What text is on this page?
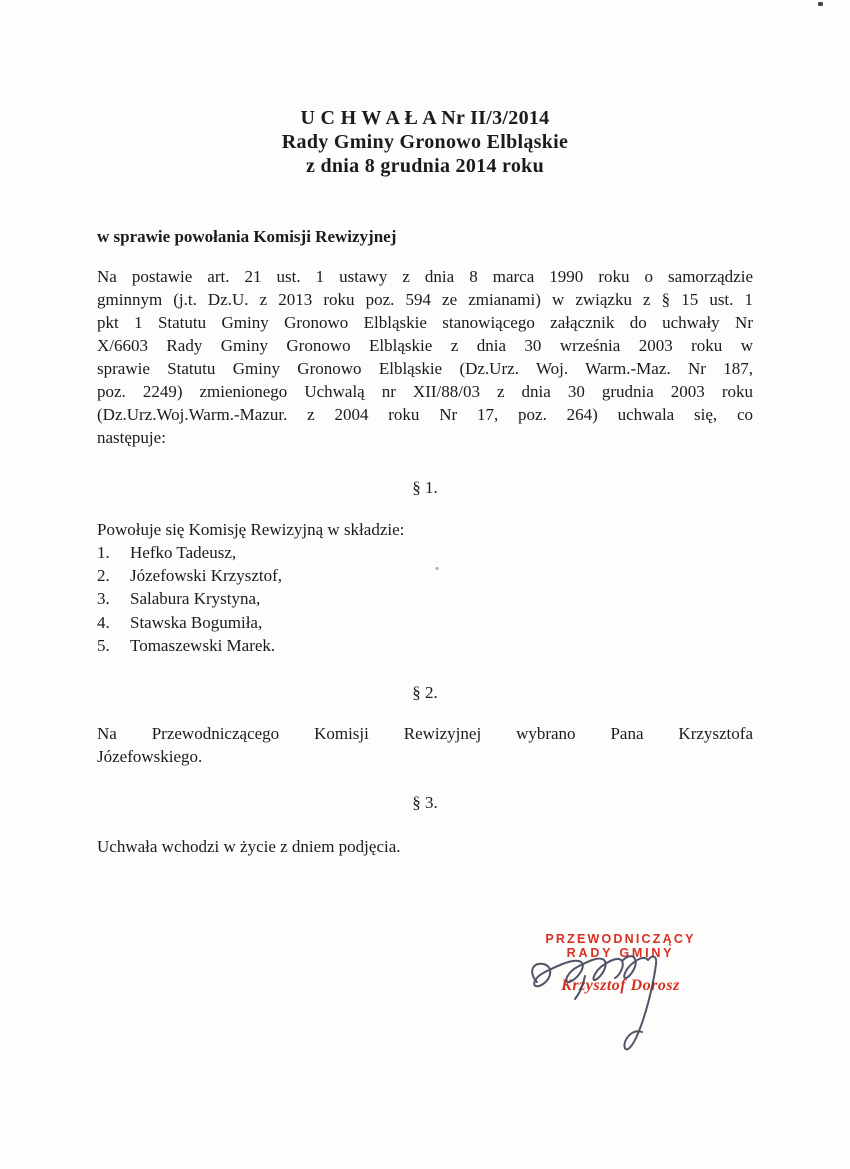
U C H W A Ł A Nr II/3/2014
Rady Gminy Gronowo Elbląskie
z dnia 8 grudnia 2014 roku
w sprawie powołania Komisji Rewizyjnej
Na postawie art. 21 ust. 1 ustawy z dnia 8 marca 1990 roku o samorządzie
gminnym (j.t. Dz.U. z 2013 roku poz. 594 ze zmianami) w związku z § 15 ust. 1
pkt 1 Statutu Gminy Gronowo Elbląskie stanowiącego załącznik do uchwały Nr
X/6603 Rady Gminy Gronowo Elbląskie z dnia 30 września 2003 roku w
sprawie Statutu Gminy Gronowo Elbląskie (Dz.Urz. Woj. Warm.-Maz. Nr 187,
poz. 2249) zmienionego Uchwalą nr XII/88/03 z dnia 30 grudnia 2003 roku
(Dz.Urz.Woj.Warm.-Mazur. z 2004 roku Nr 17, poz. 264) uchwala się, co
następuje:
§ 1.
Powołuje się Komisję Rewizyjną w składzie:
1.	Hefko Tadeusz,
2.	Józefowski Krzysztof,
3.	Salabura Krystyna,
4.	Stawska Bogumiła,
5.	Tomaszewski Marek.
§ 2.
Na Przewodniczącego Komisji Rewizyjnej wybrano Pana Krzysztofa
Józefowskiego.
§ 3.
Uchwała wchodzi w życie z dniem podjęcia.
PRZEWODNICZĄCY
RADY GMINY
Krzysztof Dorosz
